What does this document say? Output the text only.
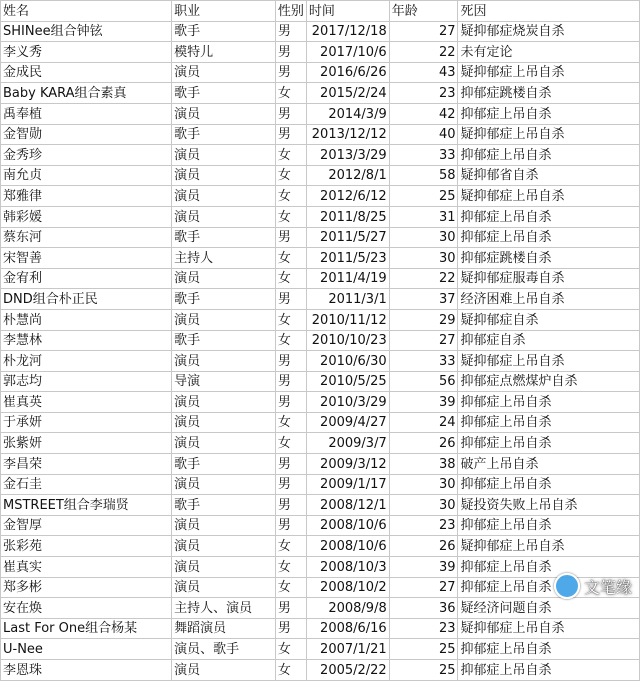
姓名	职业	性别	时间	年龄	死因
SHINee组合钟铉	歌手	男	2017/12/18	27	疑抑郁症烧炭自杀
李义秀	模特儿	男	2017/10/6	22	未有定论
金成民	演员	男	2016/6/26	43	疑抑郁症上吊自杀
Baby KARA组合素真	歌手	女	2015/2/24	23	抑郁症跳楼自杀
禹奉植	演员	男	2014/3/9	42	抑郁症上吊自杀
金智勋	歌手	男	2013/12/12	40	疑抑郁症上吊自杀
金秀珍	演员	女	2013/3/29	33	抑郁症上吊自杀
南允贞	演员	女	2012/8/1	58	疑抑郁省自杀
郑雅律	演员	女	2012/6/12	25	疑抑郁症上吊自杀
韩彩媛	演员	女	2011/8/25	31	抑郁症上吊自杀
蔡东河	歌手	男	2011/5/27	30	抑郁症上吊自杀
宋智善	主持人	女	2011/5/23	30	抑郁症跳楼自杀
金宥利	演员	女	2011/4/19	22	疑抑郁症服毒自杀
DND组合朴正民	歌手	男	2011/3/1	37	经济困难上吊自杀
朴慧尚	演员	女	2010/11/12	29	疑抑郁症自杀
李慧林	歌手	女	2010/10/23	27	抑郁症自杀
朴龙河	演员	男	2010/6/30	33	疑抑郁症上吊自杀
郭志均	导演	男	2010/5/25	56	抑郁症点燃煤炉自杀
崔真英	演员	男	2010/3/29	39	抑郁症上吊自杀
于承妍	演员	女	2009/4/27	24	抑郁症上吊自杀
张紫妍	演员	女	2009/3/7	26	抑郁症上吊自杀
李昌荣	歌手	男	2009/3/12	38	破产上吊自杀
金石圭	演员	男	2009/1/17	30	抑郁症上吊自杀
MSTREET组合李瑞贤	歌手	男	2008/12/1	30	疑投资失败上吊自杀
金智厚	演员	男	2008/10/6	23	抑郁症上吊自杀
张彩苑	演员	女	2008/10/6	26	疑抑郁症上吊自杀
崔真实	演员	女	2008/10/3	39	抑郁症上吊自杀
郑多彬	演员	女	2008/10/2	27	抑郁症上吊自杀
安在焕	主持人、演员	男	2008/9/8	36	疑经济问题自杀
Last For One组合杨某	舞蹈演员	男	2008/6/16	23	疑抑郁症上吊自杀
U-Nee	演员、歌手	女	2007/1/21	25	抑郁症上吊自杀
李恩珠	演员	女	2005/2/22	25	抑郁症上吊自杀
文笔缘
